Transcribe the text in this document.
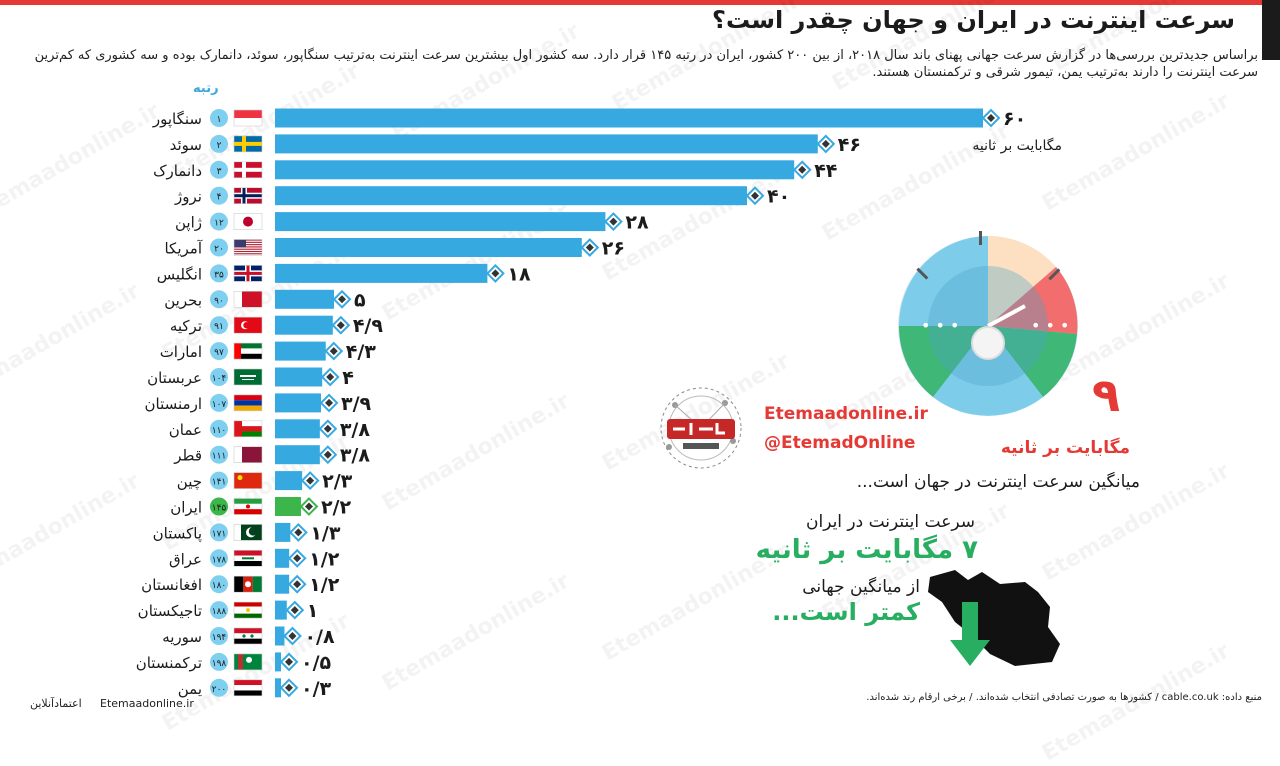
سرعت اینترنت در ایران و جهان چقدر است؟
براساس جدیدترین بررسی‌ها در گزارش سرعت جهانی پهنای باند سال ۲۰۱۸، از بین ۲۰۰ کشور، ایران در رتبه ۱۴۵ قرار دارد. سه کشور اول بیشترین سرعت اینترنت به‌ترتیب سنگاپور، سوئد، دانمارک بوده و سه کشوری که کم‌ترین سرعت اینترنت را دارند به‌ترتیب یمن، تیمور شرقی و ترکمنستان هستند.
رتبه
۶۰
۱
سنگاپور
۴۶
۲
سوئد
۴۴
۳
دانمارک
۴۰
۴
نروژ
۲۸
۱۲
ژاپن
۲۶
۲۰
آمریکا
۱۸
۳۵
انگلیس
۵
۹۰
بحرین
۴/۹
۹۱
ترکیه
۴/۳
۹۷
امارات
۴
۱۰۴
عربستان
۳/۹
۱۰۷
ارمنستان
۳/۸
۱۱۰
عمان
۳/۸
۱۱۱
قطر
۲/۳
۱۴۱
چین
۲/۲
۱۴۵
ایران
۱/۳
۱۷۱
پاکستان
۱/۲
۱۷۸
عراق
۱/۲
۱۸۰
افغانستان
۱
۱۸۸
تاجیکستان
۰/۸
۱۹۴
سوریه
۰/۵
۱۹۸
ترکمنستان
۰/۳
۲۰۰
یمن
مگابایت بر ثانیه
Etemaadonline.ir
@EtemadOnline
• • •	• • •
۹
مگابایت بر ثانیه
میانگین سرعت اینترنت در جهان است...
سرعت اینترنت در ایران
۷ مگابایت بر ثانیه
از میانگین جهانی
کمتر است...
منبع داده: cable.co.uk / کشورها به صورت تصادفی انتخاب شده‌اند. / برخی ارقام رند شده‌اند.
Etemaadonline.ir
اعتمادآنلاین
